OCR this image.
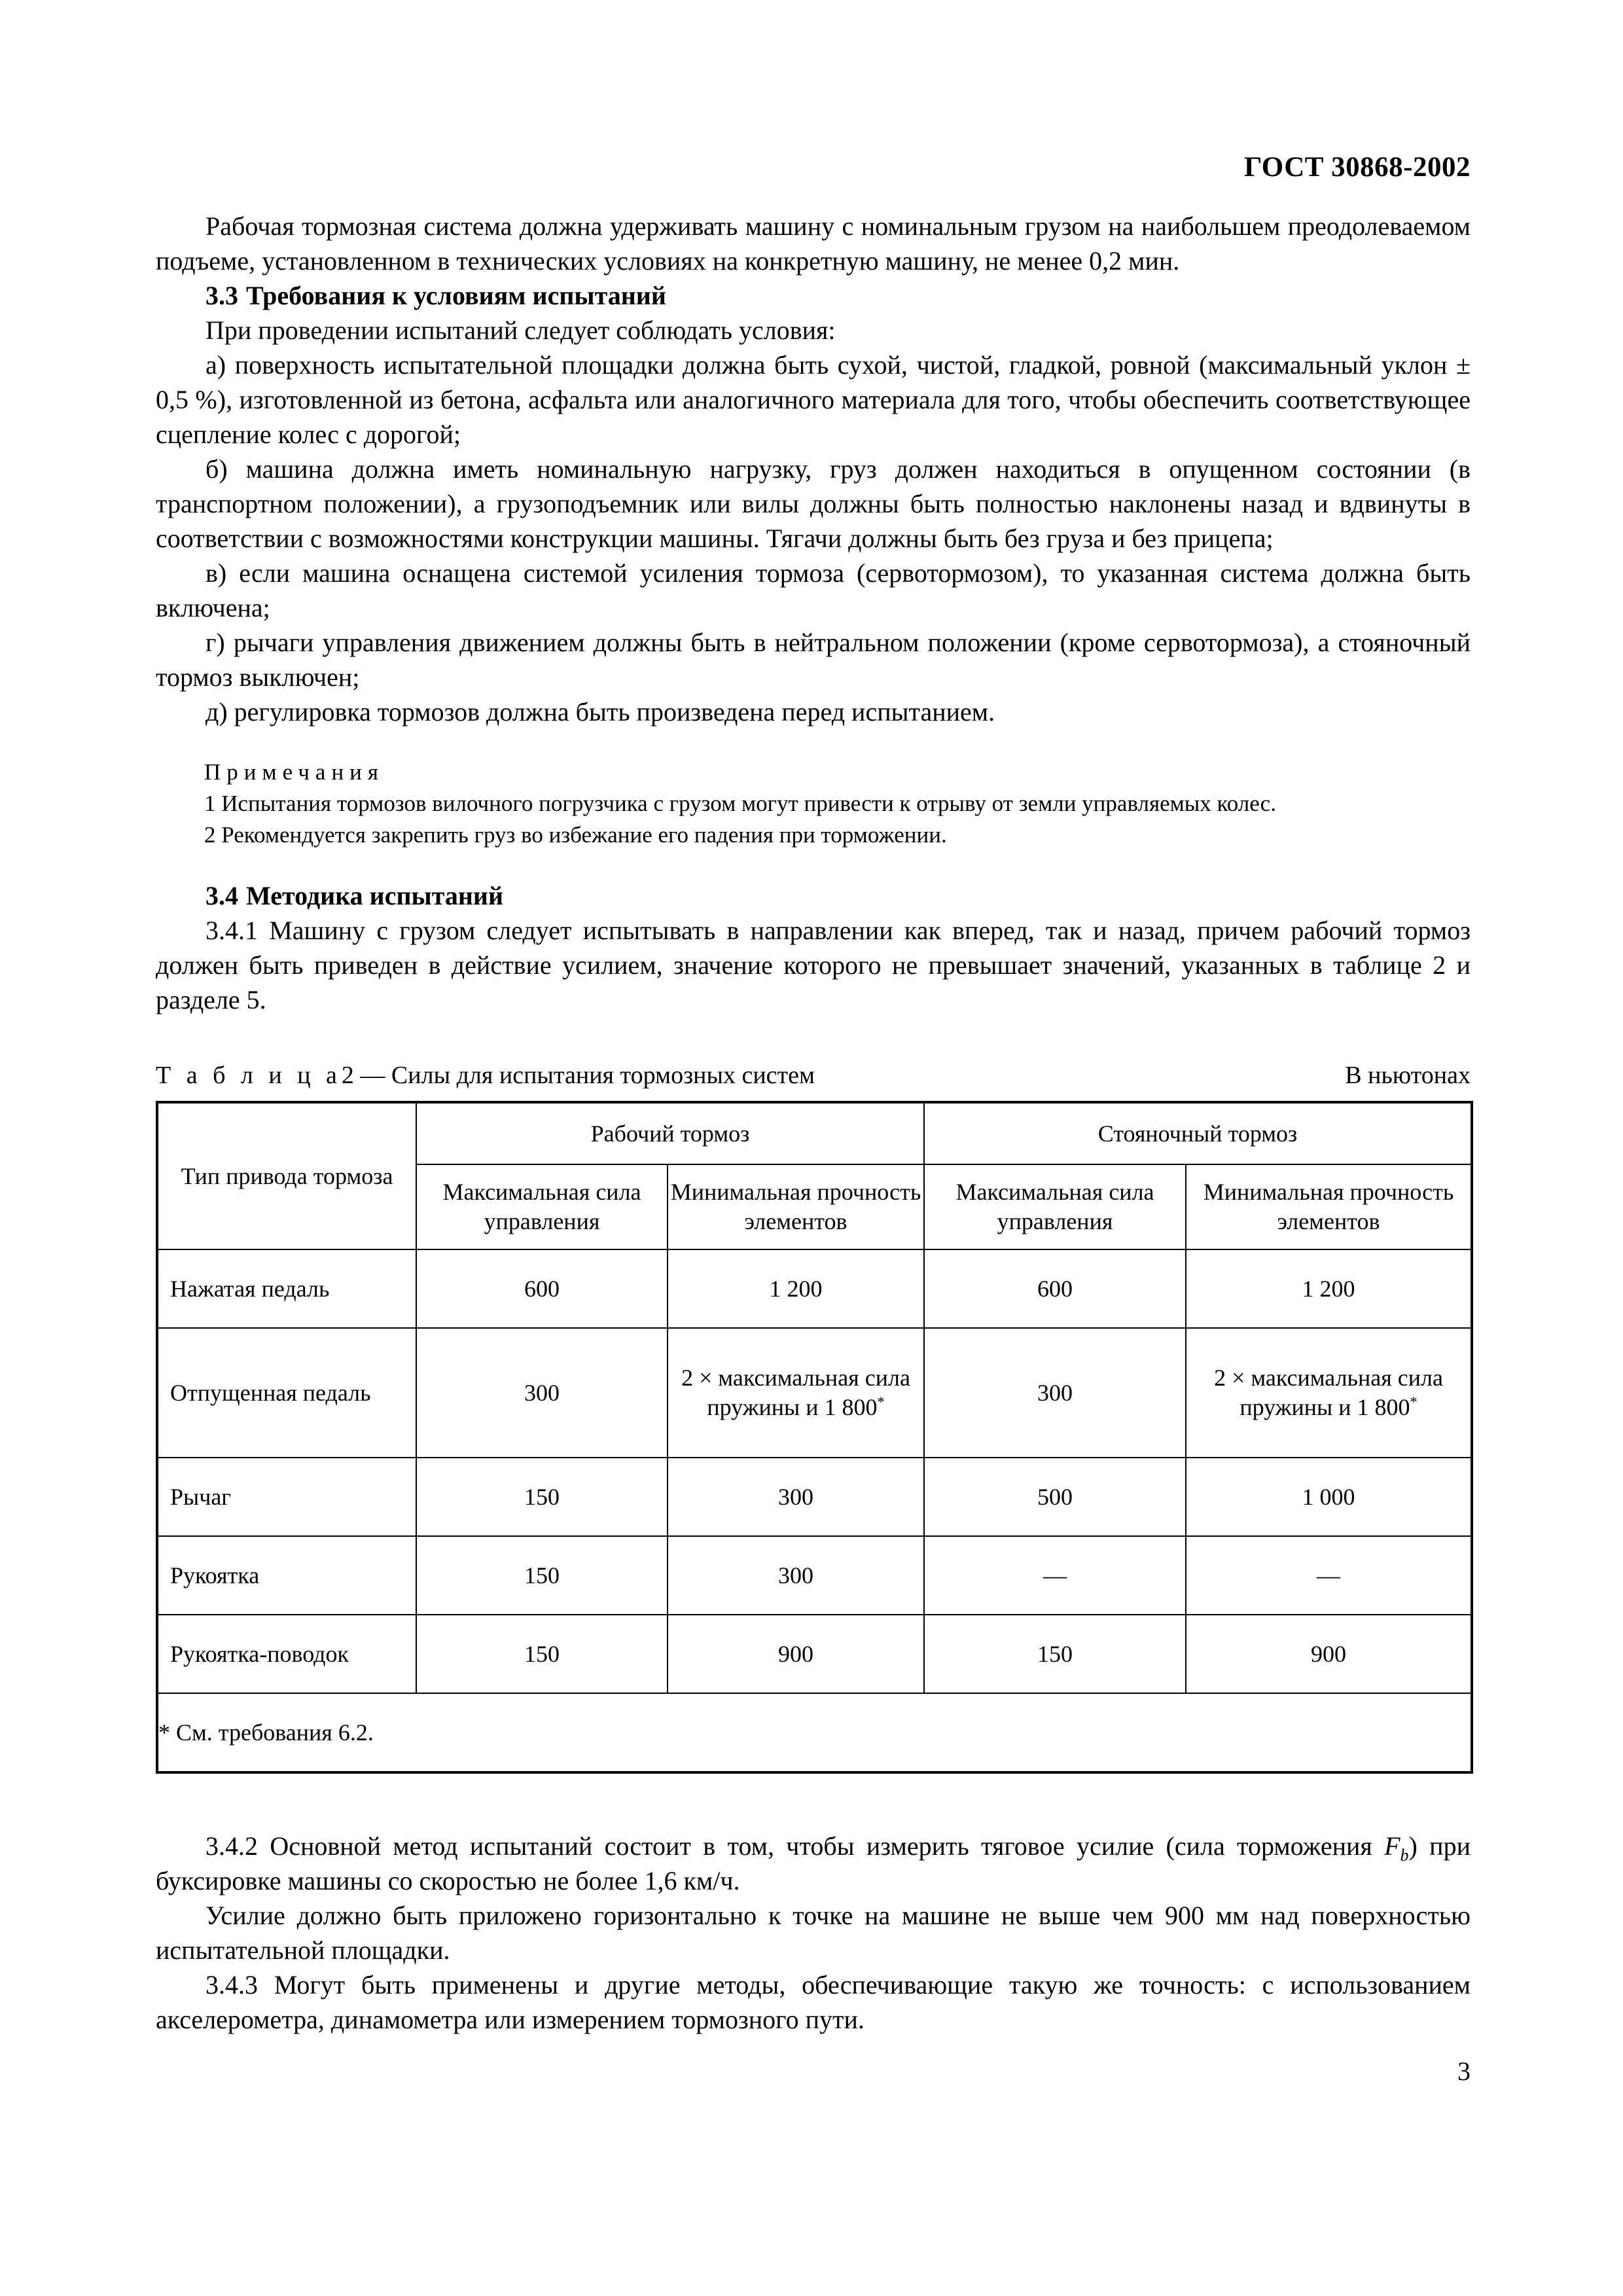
ГОСТ 30868-2002

Рабочая тормозная система должна удерживать машину с номинальным грузом на наибольшем преодолеваемом подъеме, установленном в технических условиях на конкретную машину, не менее 0,2 мин.

3.3 Требования к условиям испытаний

При проведении испытаний следует соблюдать условия:

а) поверхность испытательной площадки должна быть сухой, чистой, гладкой, ровной (максимальный уклон ± 0,5 %), изготовленной из бетона, асфальта или аналогичного материала для того, чтобы обеспечить соответствующее сцепление колес с дорогой;

б) машина должна иметь номинальную нагрузку, груз должен находиться в опущенном состоянии (в транспортном положении), а грузоподъемник или вилы должны быть полностью наклонены назад и вдвинуты в соответствии с возможностями конструкции машины. Тягачи должны быть без груза и без прицепа;

в) если машина оснащена системой усиления тормоза (сервотормозом), то указанная система должна быть включена;

г) рычаги управления движением должны быть в нейтральном положении (кроме сервотормоза), а стояночный тормоз выключен;

д) регулировка тормозов должна быть произведена перед испытанием.

Примечания

1 Испытания тормозов вилочного погрузчика с грузом могут привести к отрыву от земли управляемых колес.

2 Рекомендуется закрепить груз во избежание его падения при торможении.

3.4 Методика испытаний

3.4.1 Машину с грузом следует испытывать в направлении как вперед, так и назад, причем рабочий тормоз должен быть приведен в действие усилием, значение которого не превышает значений, указанных в таблице 2 и разделе 5.

Т а б л и ц а2 — Силы для испытания тормозных систем	В ньютонах
Тип привода тормоза	Рабочий тормоз		Стояночный тормоз	
	Максимальная сила управления	Минимальная прочность элементов	Максимальная сила управления	Минимальная прочность элементов
Нажатая педаль	600	1 200	600	1 200
Отпущенная педаль	300	2 × максимальная сила пружины и 1 800*	300	2 × максимальная сила пружины и 1 800*
Рычаг	150	300	500	1 000
Рукоятка	150	300	—	—
Рукоятка-поводок	150	900	150	900
* См. требования 6.2.				

3.4.2 Основной метод испытаний состоит в том, чтобы измерить тяговое усилие (сила торможения $F_b$) при буксировке машины со скоростью не более 1,6 км/ч.

Усилие должно быть приложено горизонтально к точке на машине не выше чем 900 мм над поверхностью испытательной площадки.

3.4.3 Могут быть применены и другие методы, обеспечивающие такую же точность: с использованием акселерометра, динамометра или измерением тормозного пути.

3
